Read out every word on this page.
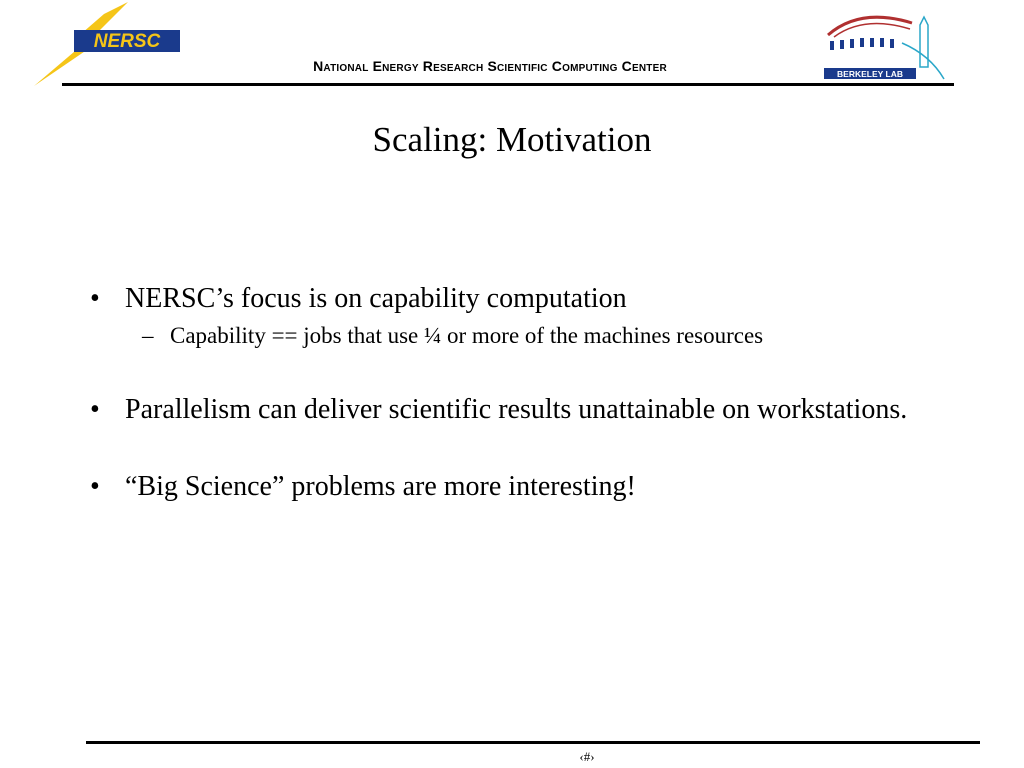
NERSC
National Energy Research Scientific Computing Center	BERKELEY LAB
Scaling: Motivation
• NERSC’s focus is on capability computation
– Capability == jobs that use ¼ or more of the machines resources
• Parallelism can deliver scientific results unattainable on workstations.
• “Big Science” problems are more interesting!
‹#›
